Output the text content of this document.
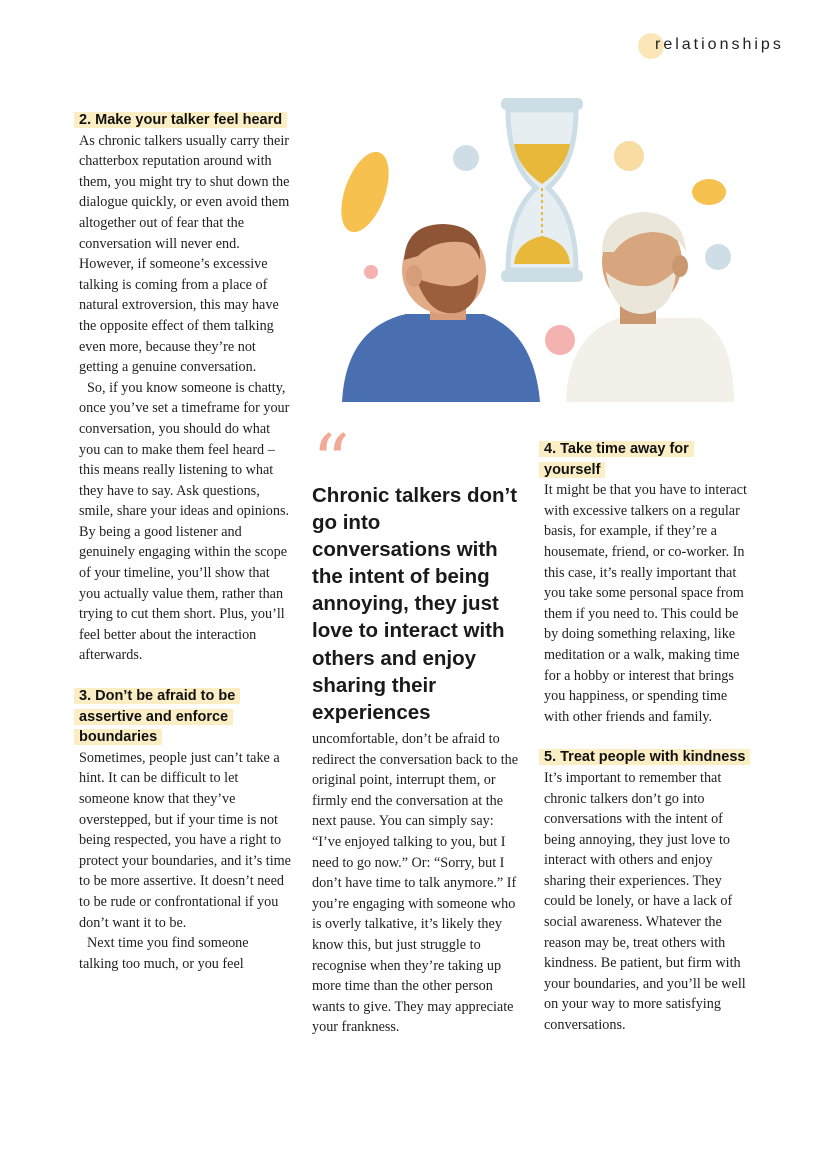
relationships
2. Make your talker feel heard

As chronic talkers usually carry their chatterbox reputation around with them, you might try to shut down the dialogue quickly, or even avoid them altogether out of fear that the conversation will never end. However, if someone’s excessive talking is coming from a place of natural extroversion, this may have the opposite effect of them talking even more, because they’re not getting a genuine conversation.

So, if you know someone is chatty, once you’ve set a timeframe for your conversation, you should do what you can to make them feel heard – this means really listening to what they have to say. Ask questions, smile, share your ideas and opinions. By being a good listener and genuinely engaging within the scope of your timeline, you’ll show that you actually value them, rather than trying to cut them short. Plus, you’ll feel better about the interaction afterwards.

3. Don’t be afraid to be assertive and enforce boundaries

Sometimes, people just can’t take a hint. It can be difficult to let someone know that they’ve overstepped, but if your time is not being respected, you have a right to protect your boundaries, and it’s time to be more assertive. It doesn’t need to be rude or confrontational if you don’t want it to be.

Next time you find someone talking too much, or you feel

“
Chronic talkers don’t go into conversations with the intent of being annoying, they just love to interact with others and enjoy sharing their experiences

uncomfortable, don’t be afraid to redirect the conversation back to the original point, interrupt them, or firmly end the conversation at the next pause. You can simply say: “I’ve enjoyed talking to you, but I need to go now.” Or: “Sorry, but I don’t have time to talk anymore.” If you’re engaging with someone who is overly talkative, it’s likely they know this, but just struggle to recognise when they’re taking up more time than the other person wants to give. They may appreciate your frankness.

4. Take time away for yourself

It might be that you have to interact with excessive talkers on a regular basis, for example, if they’re a housemate, friend, or co-worker. In this case, it’s really important that you take some personal space from them if you need to. This could be by doing something relaxing, like meditation or a walk, making time for a hobby or interest that brings you happiness, or spending time with other friends and family.

5. Treat people with kindness

It’s important to remember that chronic talkers don’t go into conversations with the intent of being annoying, they just love to interact with others and enjoy sharing their experiences. They could be lonely, or have a lack of social awareness. Whatever the reason may be, treat others with kindness. Be patient, but firm with your boundaries, and you’ll be well on your way to more satisfying conversations.
